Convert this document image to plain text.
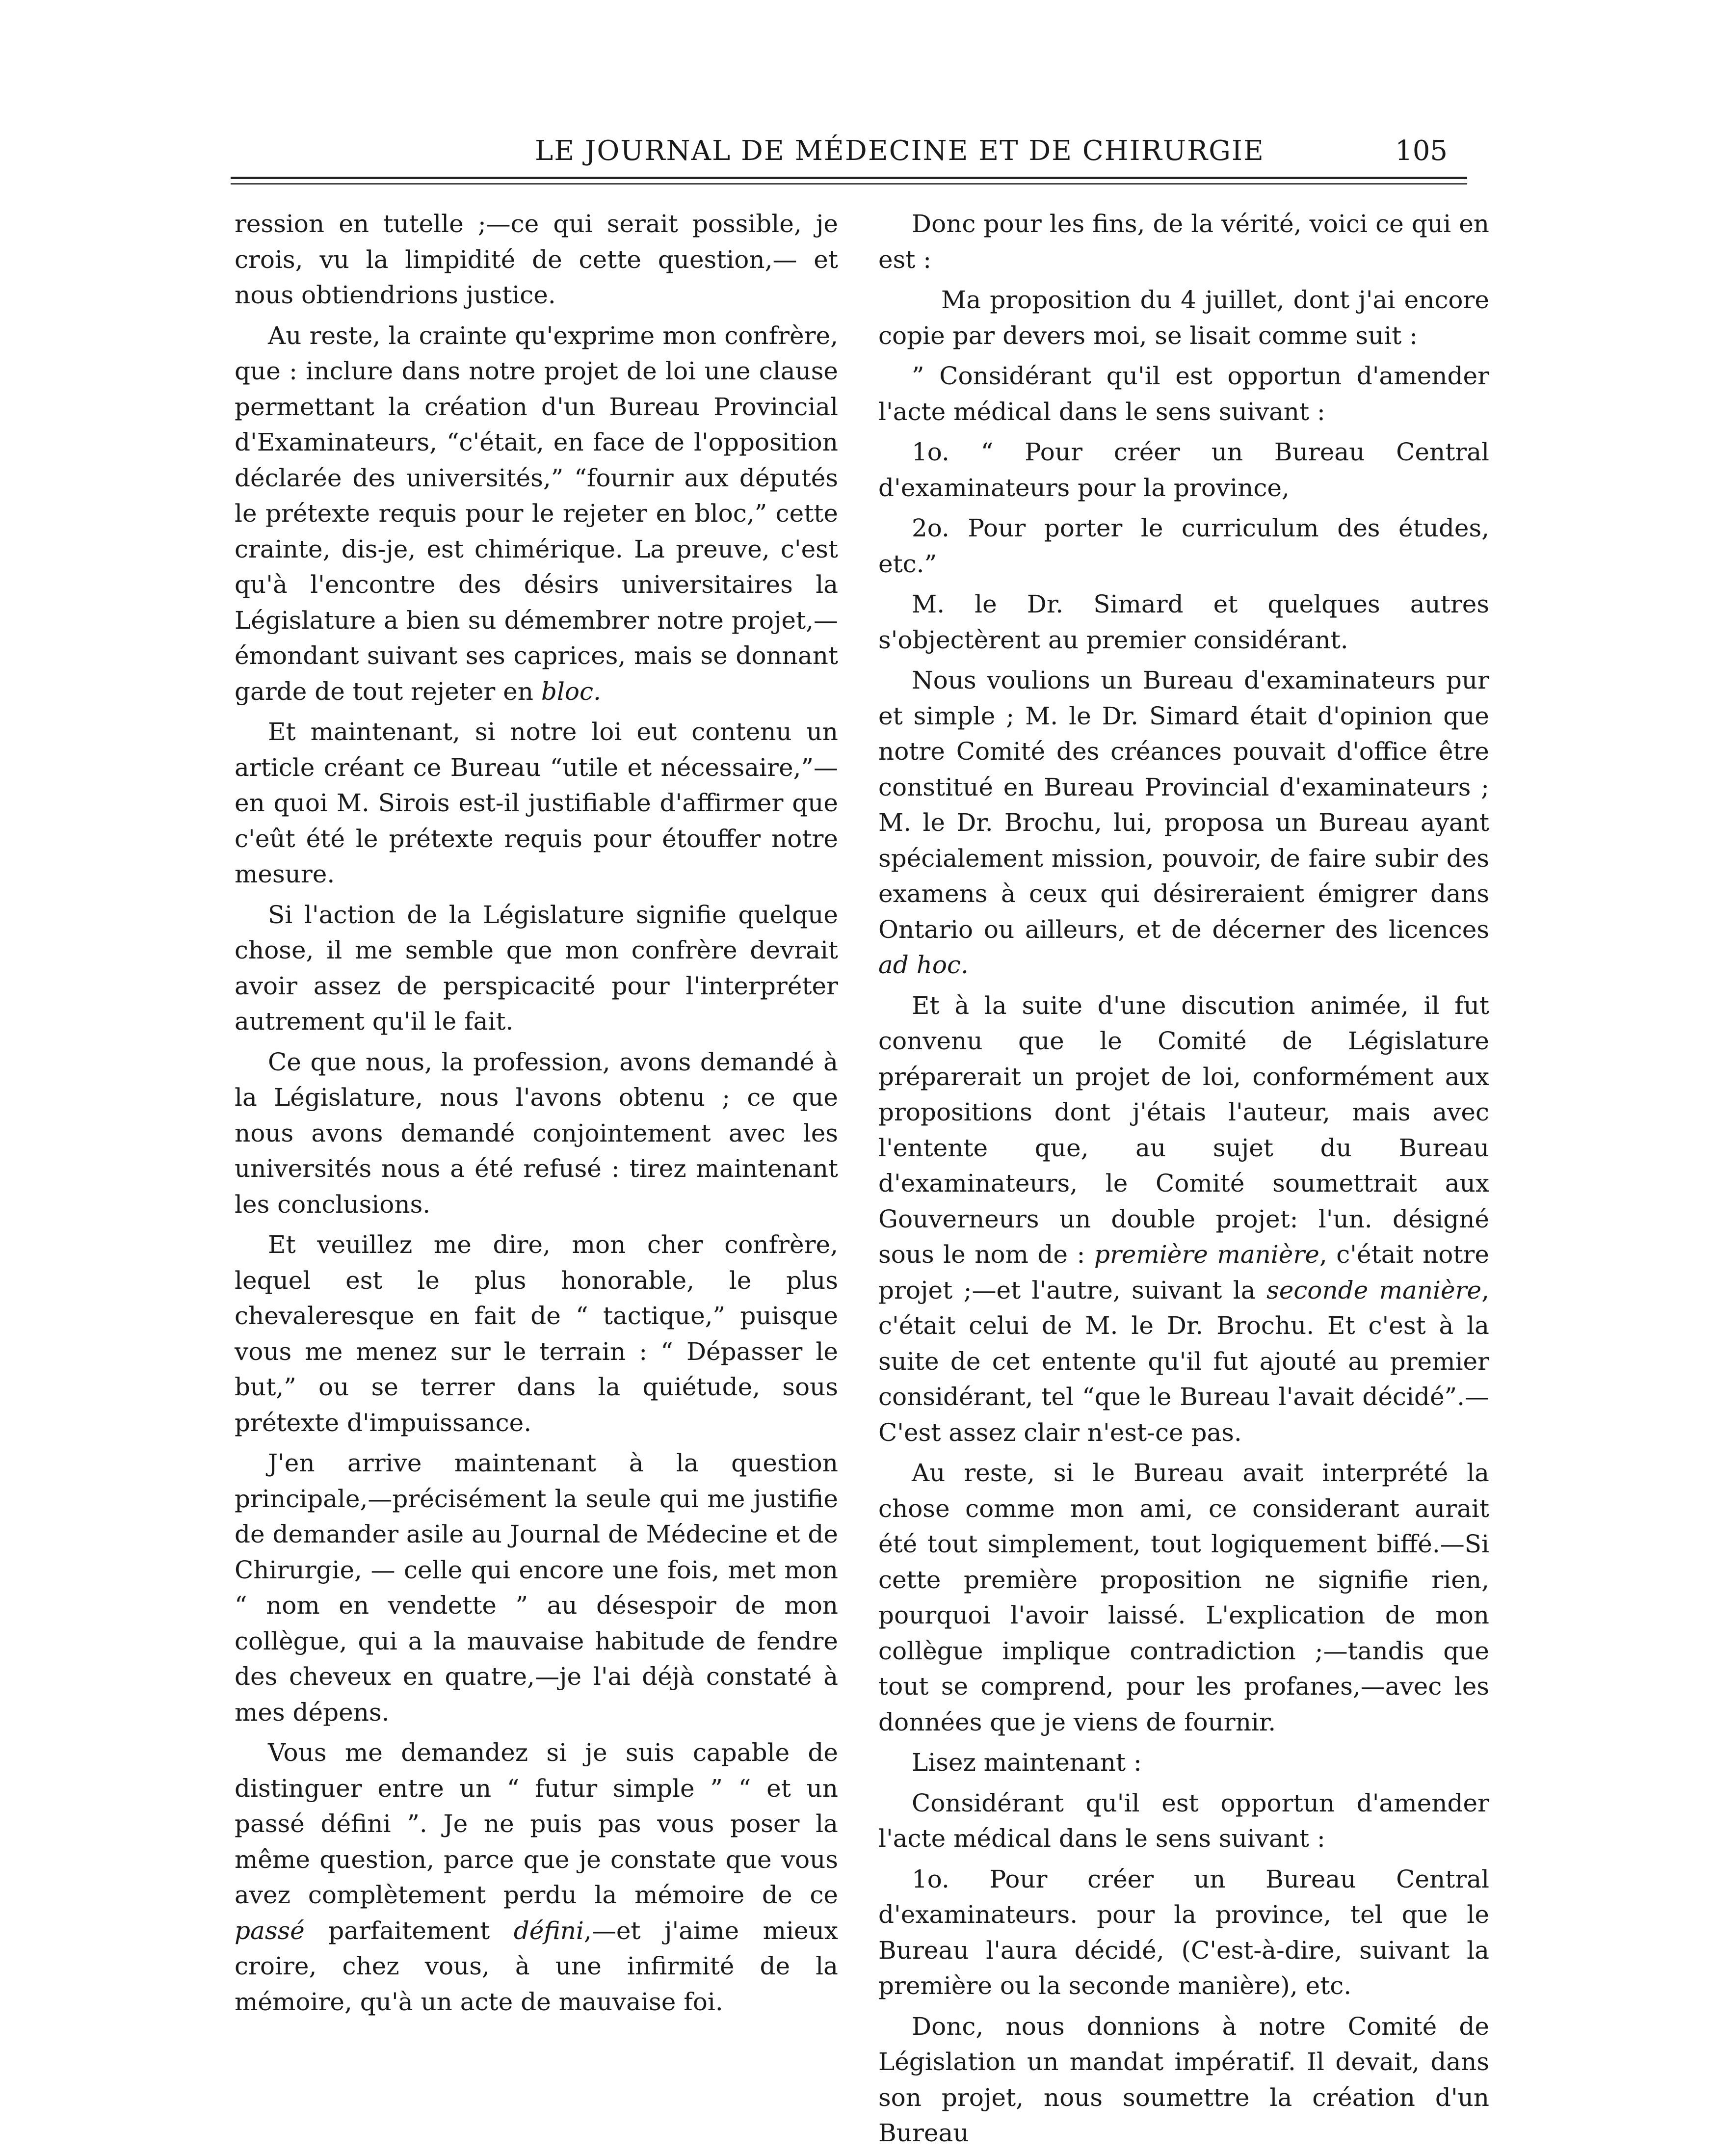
LE JOURNAL DE MÉDECINE ET DE CHIRURGIE	105

ression en tutelle ;—ce qui serait possible, je crois, vu la limpidité de cette question,— et nous obtiendrions justice.

Au reste, la crainte qu'exprime mon confrère, que : inclure dans notre projet de loi une clause permettant la création d'un Bureau Provincial d'Examinateurs, “c'était, en face de l'opposition déclarée des universités,” “fournir aux députés le prétexte requis pour le rejeter en bloc,” cette crainte, dis-je, est chimérique. La preuve, c'est qu'à l'encontre des désirs universitaires la Législature a bien su démembrer notre projet,—émondant suivant ses caprices, mais se donnant garde de tout rejeter en bloc.

Et maintenant, si notre loi eut contenu un article créant ce Bureau “utile et nécessaire,”—en quoi M. Sirois est-il justifiable d'affirmer que c'eût été le prétexte requis pour étouffer notre mesure.

Si l'action de la Législature signifie quelque chose, il me semble que mon confrère devrait avoir assez de perspicacité pour l'interpréter autrement qu'il le fait.

Ce que nous, la profession, avons demandé à la Législature, nous l'avons obtenu ; ce que nous avons demandé conjointement avec les universités nous a été refusé : tirez maintenant les conclusions.

Et veuillez me dire, mon cher confrère, lequel est le plus honorable, le plus chevaleresque en fait de “ tactique,” puisque vous me menez sur le terrain : “ Dépasser le but,” ou se terrer dans la quiétude, sous prétexte d'impuissance.

J'en arrive maintenant à la question principale,—précisément la seule qui me justifie de demander asile au Journal de Médecine et de Chirurgie, — celle qui encore une fois, met mon “ nom en vendette ” au désespoir de mon collègue, qui a la mauvaise habitude de fendre des cheveux en quatre,—je l'ai déjà constaté à mes dépens.

Vous me demandez si je suis capable de distinguer entre un “ futur simple ” “ et un passé défini ”. Je ne puis pas vous poser la même question, parce que je constate que vous avez complètement perdu la mémoire de ce passé parfaitement défini,—et j'aime mieux croire, chez vous, à une infirmité de la mémoire, qu'à un acte de mauvaise foi.

Donc pour les fins, de la vérité, voici ce qui en est :

Ma proposition du 4 juillet, dont j'ai encore copie par devers moi, se lisait comme suit :

” Considérant qu'il est opportun d'amender l'acte médical dans le sens suivant :

1o. “ Pour créer un Bureau Central d'examinateurs pour la province,

2o. Pour porter le curriculum des études, etc.”

M. le Dr. Simard et quelques autres s'objectèrent au premier considérant.

Nous voulions un Bureau d'examinateurs pur et simple ; M. le Dr. Simard était d'opinion que notre Comité des créances pouvait d'office être constitué en Bureau Provincial d'examinateurs ; M. le Dr. Brochu, lui, proposa un Bureau ayant spécialement mission, pouvoir, de faire subir des examens à ceux qui désireraient émigrer dans Ontario ou ailleurs, et de décerner des licences ad hoc.

Et à la suite d'une discution animée, il fut convenu que le Comité de Législature préparerait un projet de loi, conformément aux propositions dont j'étais l'auteur, mais avec l'entente que, au sujet du Bureau d'examinateurs, le Comité soumettrait aux Gouverneurs un double projet: l'un. désigné sous le nom de : première manière, c'était notre projet ;—et l'autre, suivant la seconde manière, c'était celui de M. le Dr. Brochu. Et c'est à la suite de cet entente qu'il fut ajouté au premier considérant, tel “que le Bureau l'avait décidé”.—C'est assez clair n'est-ce pas.

Au reste, si le Bureau avait interprété la chose comme mon ami, ce considerant aurait été tout simplement, tout logiquement biffé.—Si cette première proposition ne signifie rien, pourquoi l'avoir laissé. L'explication de mon collègue implique contradiction ;—tandis que tout se comprend, pour les profanes,—avec les données que je viens de fournir.

Lisez maintenant :

Considérant qu'il est opportun d'amender l'acte médical dans le sens suivant :

1o. Pour créer un Bureau Central d'examinateurs. pour la province, tel que le Bureau l'aura décidé, (C'est-à-dire, suivant la première ou la seconde manière), etc.

Donc, nous donnions à notre Comité de Législation un mandat impératif. Il devait, dans son projet, nous soumettre la création d'un Bureau
